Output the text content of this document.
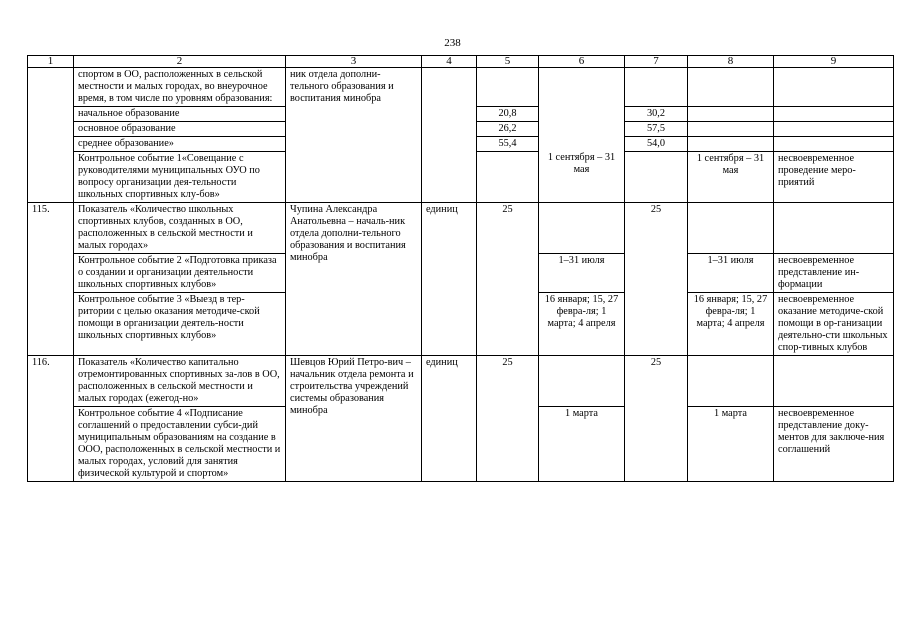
238
1	2	3	4	5	6	7	8	9
	спортом в ОО, расположенных в сельской местности и малых городах, во внеурочное время, в том числе по уровням образования:	ник отдела дополни-тельного образования и воспитания минобра			1 сентября – 31 мая			

	начальное образование			20,8		30,2		
	основное образование			26,2		57,5		
	среднее образование»			55,4		54,0		
	Контрольное событие 1«Совещание с руководителями муниципальных ОУО по вопросу организации дея-тельности школьных спортивных клу-бов»						1 сентября – 31 мая	несвоевременное проведение меро-приятий
115.	Показатель «Количество школьных спортивных клубов, созданных в ОО, расположенных в сельской местности и малых городах»	Чупина Александра Анатольевна – началь-ник отдела дополни-тельного образования и воспитания минобра	единиц	25		25		
	Контрольное событие 2 «Подготовка приказа о создании и организации деятельности школьных спортивных клубов»				1–31 июля		1–31 июля	несвоевременное представление ин-формации
	Контрольное событие 3 «Выезд в тер-ритории с целью оказания методиче-ской помощи в организации деятель-ности школьных спортивных клубов»				16 января; 15, 27 февра-ля; 1 марта; 4 апреля		16 января; 15, 27 февра-ля; 1 марта; 4 апреля	несвоевременное оказание методиче-ской помощи в ор-ганизации деятельно-сти школьных спор-тивных клубов
116.	Показатель «Количество капитально отремонтированных спортивных за-лов в ОО, расположенных в сельской местности и малых городах (ежегод-но»	Шевцов Юрий Петро-вич – начальник отдела ремонта и строительства учреждений системы образования минобра	единиц	25		25		
	Контрольное событие 4 «Подписание соглашений о предоставлении субси-дий муниципальным образованиям на создание в ООО, расположенных в сельской местности и малых городах, условий для занятия физической культурой и спортом»				1 марта		1 марта	несвоевременное представление доку-ментов для заключе-ния соглашений
